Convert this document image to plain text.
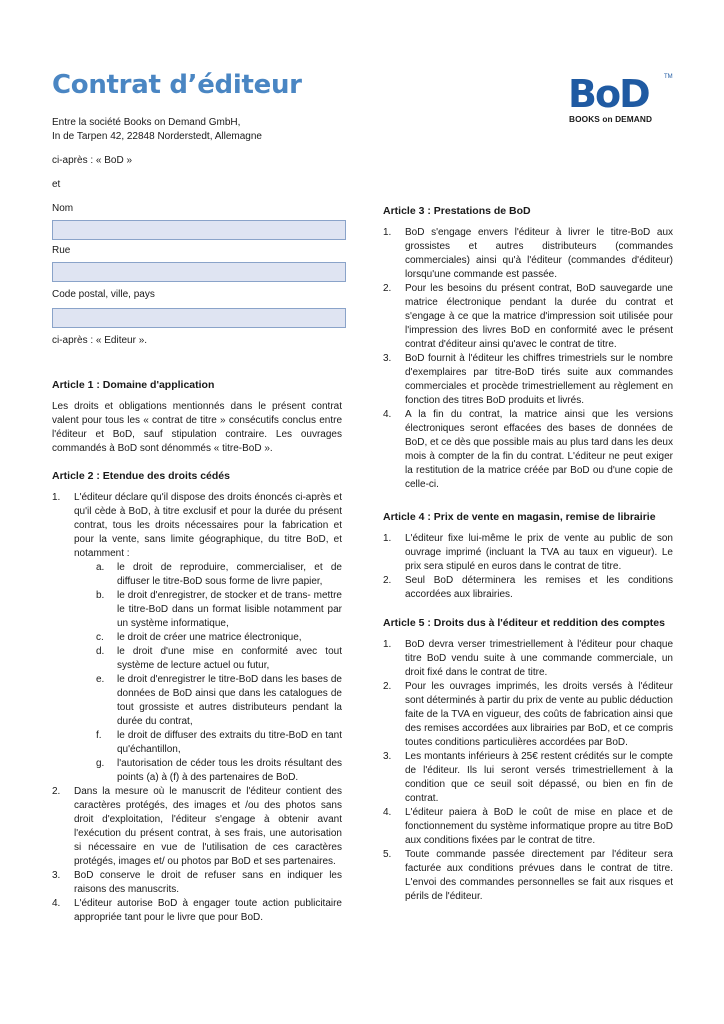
Contrat d’éditeur	BoD	TM
BOOKS on DEMAND

Entre la société Books on Demand GmbH,

In de Tarpen 42, 22848 Norderstedt, Allemagne

ci-après : « BoD »

et

Nom

Rue

Code postal, ville, pays

ci-après : « Editeur ».

Article 1 : Domaine d'application

Les droits et obligations mentionnés dans le présent contrat valent pour tous les « contrat de titre » consécutifs conclus entre l'éditeur et BoD, sauf stipulation contraire. Les ouvrages commandés à BoD sont dénommés « titre-BoD ».

Article 2 : Etendue des droits cédés
1. L'éditeur déclare qu'il dispose des droits énoncés ci-après et qu'il cède à BoD, à titre exclusif et pour la durée du présent contrat, tous les droits nécessaires pour la fabrication et pour la vente, sans limite géographique, du titre BoD, et notamment :
a. le droit de reproduire, commercialiser, et de diffuser le titre-BoD sous forme de livre papier,
b. le droit d'enregistrer, de stocker et de trans- mettre le titre-BoD dans un format lisible notamment par un système informatique,
c. le droit de créer une matrice électronique,
d. le droit d'une mise en conformité avec tout système de lecture actuel ou futur,
e. le droit d'enregistrer le titre-BoD dans les bases de données de BoD ainsi que dans les catalogues de tout grossiste et autres distributeurs pendant la durée du contrat,
f. le droit de diffuser des extraits du titre-BoD en tant qu'échantillon,
g. l'autorisation de céder tous les droits résultant des points (a) à (f) à des partenaires de BoD.
2. Dans la mesure où le manuscrit de l'éditeur contient des caractères protégés, des images et /ou des photos sans droit d'exploitation, l'éditeur s'engage à obtenir avant l'exécution du présent contrat, à ses frais, une autorisation si nécessaire en vue de l'utilisation de ces caractères protégés, images et/ ou photos par BoD et ses partenaires.
3. BoD conserve le droit de refuser sans en indiquer les raisons des manuscrits.
4. L'éditeur autorise BoD à engager toute action publicitaire appropriée tant pour le livre que pour BoD.
Article 3 : Prestations de BoD
1. BoD s'engage envers l'éditeur à livrer le titre-BoD aux grossistes et autres distributeurs (commandes commerciales) ainsi qu'à l'éditeur (commandes d'éditeur) lorsqu'une commande est passée.
2. Pour les besoins du présent contrat, BoD sauvegarde une matrice électronique pendant la durée du contrat et s'engage à ce que la matrice d'impression soit utilisée pour l'impression des livres BoD en conformité avec le présent contrat d'éditeur ainsi qu'avec le contrat de titre.
3. BoD fournit à l'éditeur les chiffres trimestriels sur le nombre d'exemplaires par titre-BoD tirés suite aux commandes commerciales et procède trimestriellement au règlement en fonction des titres BoD produits et livrés.
4. A la fin du contrat, la matrice ainsi que les versions électroniques seront effacées des bases de données de BoD, et ce dès que possible mais au plus tard dans les deux mois à compter de la fin du contrat. L'éditeur ne peut exiger la restitution de la matrice créée par BoD ou d'une copie de celle-ci.
Article 4 : Prix de vente en magasin, remise de librairie
1. L'éditeur fixe lui-même le prix de vente au public de son ouvrage imprimé (incluant la TVA au taux en vigueur). Le prix sera stipulé en euros dans le contrat de titre.
2. Seul BoD déterminera les remises et les conditions accordées aux librairies.
Article 5 : Droits dus à l'éditeur et reddition des comptes
1. BoD devra verser trimestriellement à l'éditeur pour chaque titre BoD vendu suite à une commande commerciale, un droit fixé dans le contrat de titre.
2. Pour les ouvrages imprimés, les droits versés à l'éditeur sont déterminés à partir du prix de vente au public déduction faite de la TVA en vigueur, des coûts de fabrication ainsi que des remises accordées aux librairies par BoD, et ce compris toutes conditions particulières accordées par BoD.
3. Les montants inférieurs à 25€ restent crédités sur le compte de l'éditeur. Ils lui seront versés trimestriellement à la condition que ce seuil soit dépassé, ou bien en fin de contrat.
4. L'éditeur paiera à BoD le coût de mise en place et de fonctionnement du système informatique propre au titre BoD aux conditions fixées par le contrat de titre.
5. Toute commande passée directement par l'éditeur sera facturée aux conditions prévues dans le contrat de titre. L'envoi des commandes personnelles se fait aux risques et périls de l'éditeur.
